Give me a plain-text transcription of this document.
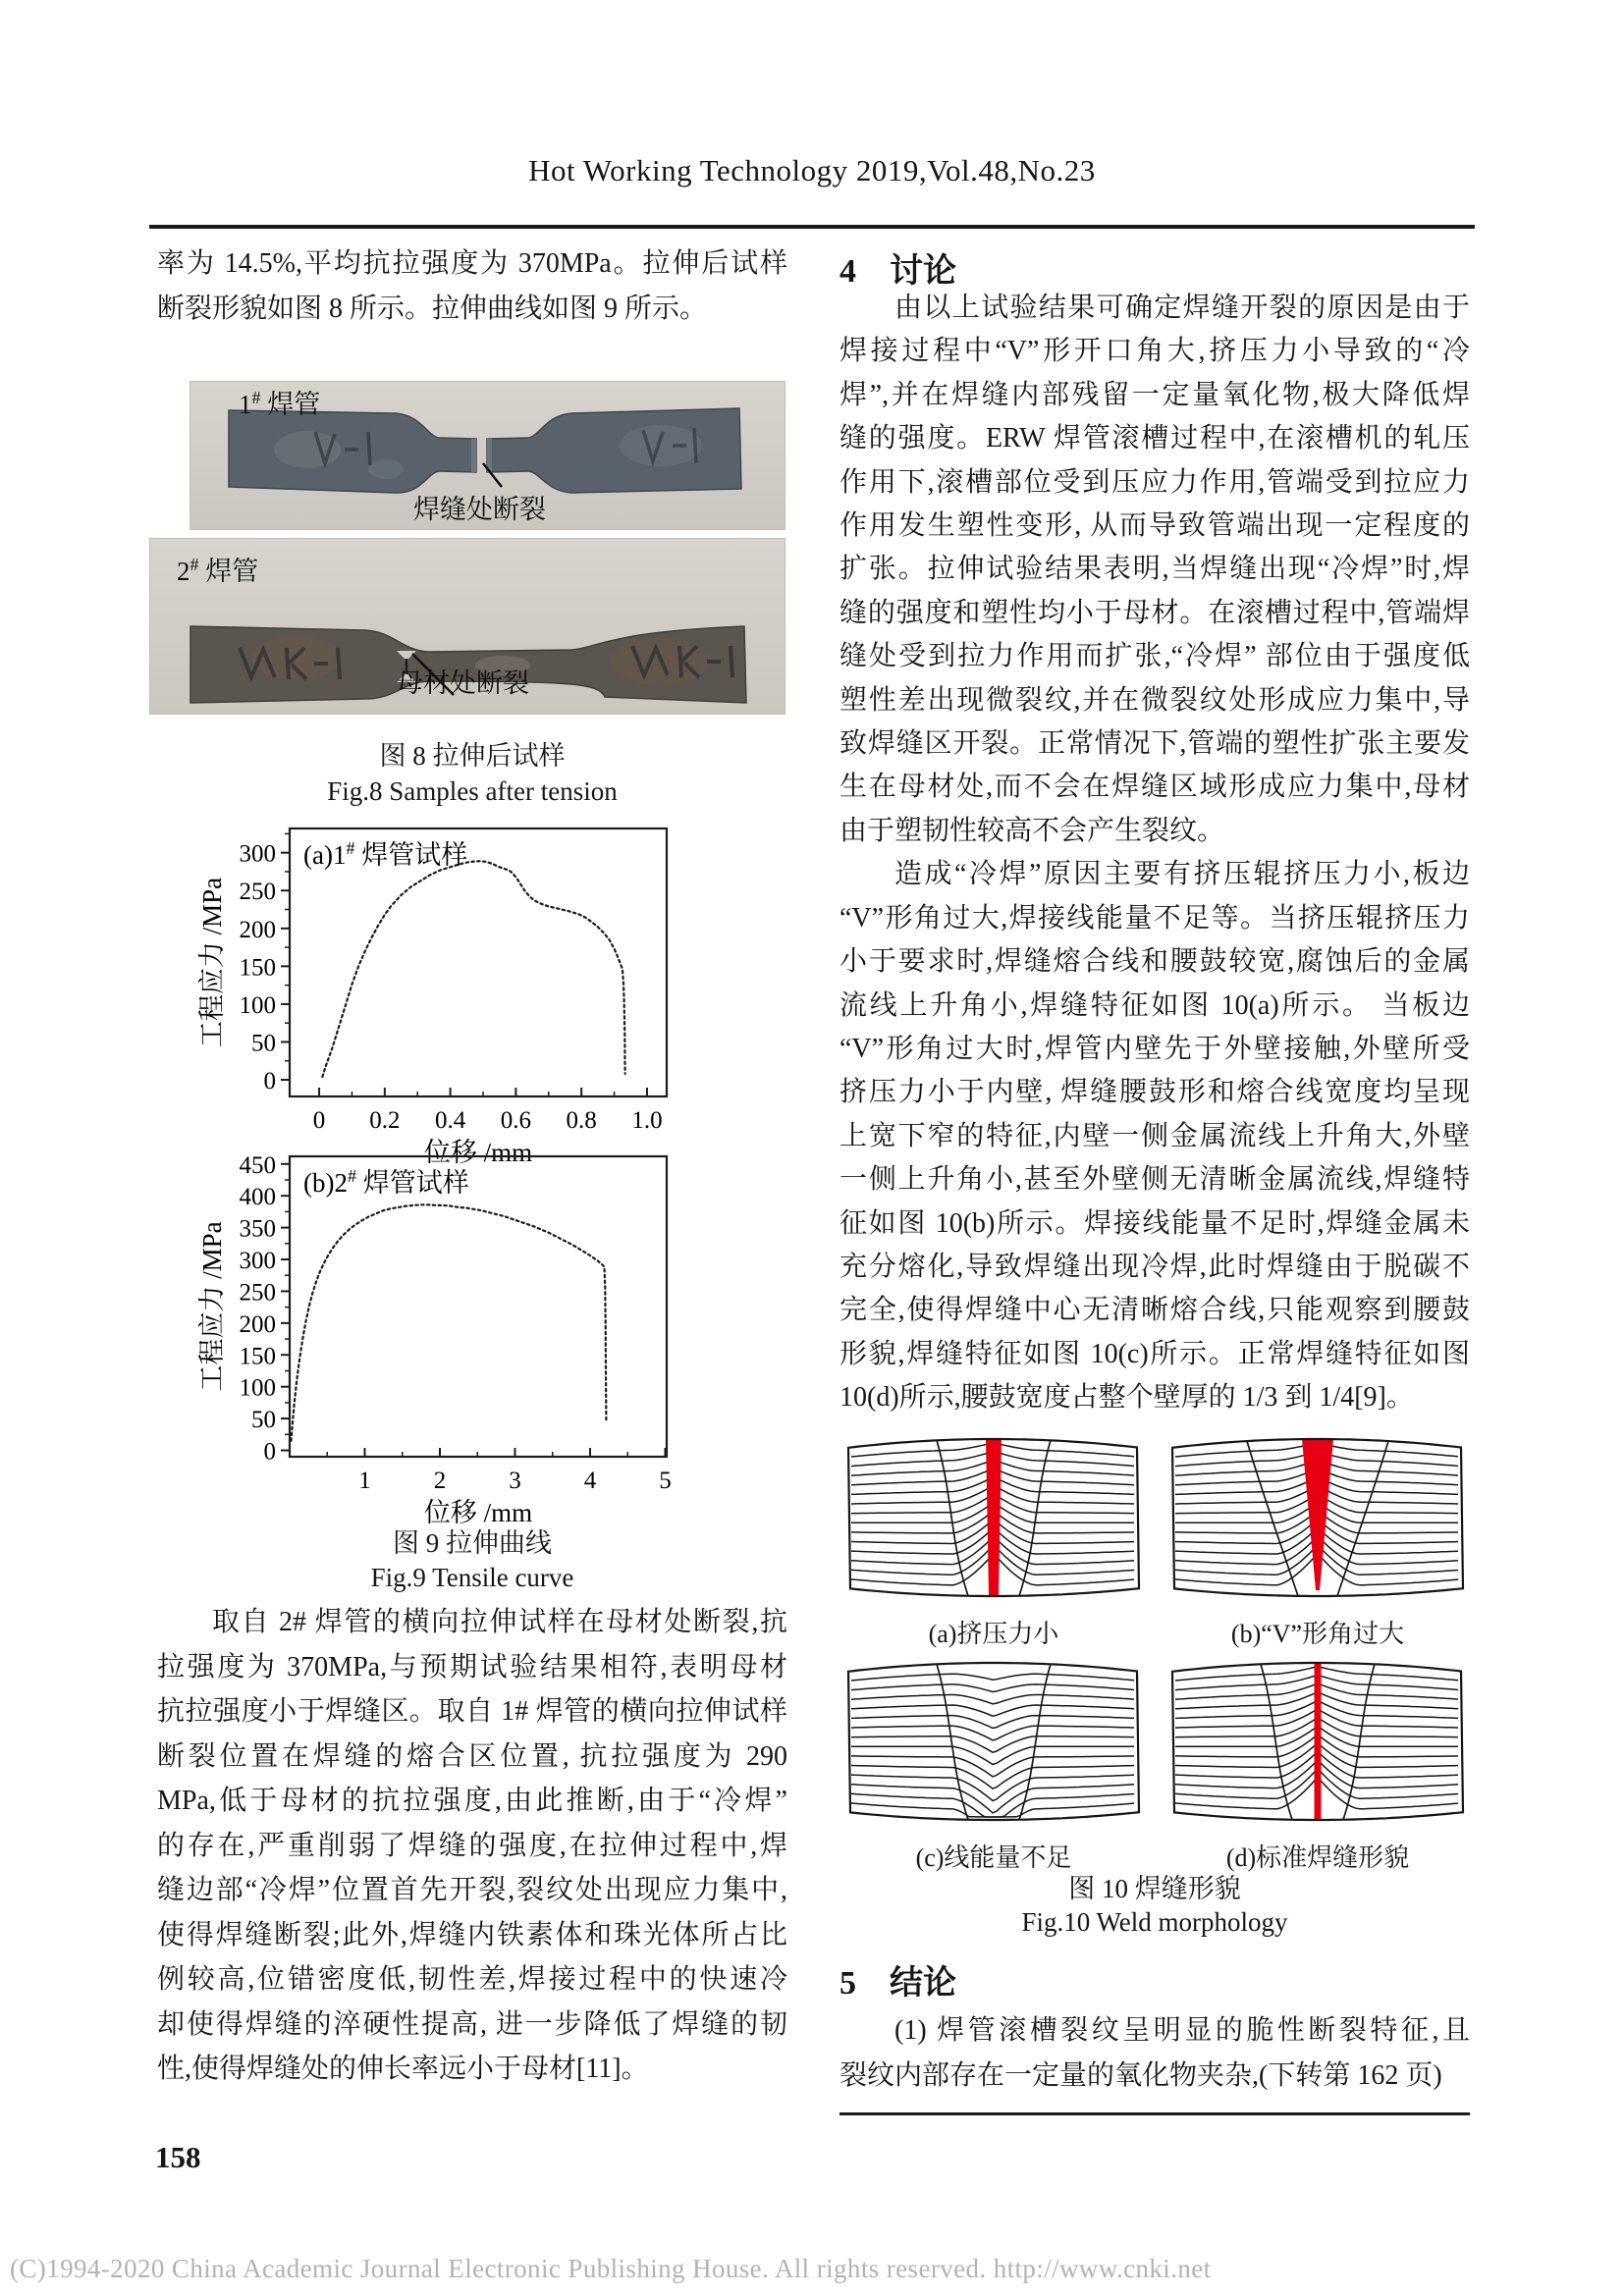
Hot Working Technology 2019,Vol.48,No.23
率为 14.5%,平均抗拉强度为 370MPa。拉伸后试样
断裂形貌如图 8 所示。拉伸曲线如图 9 所示。
1# 焊管
焊缝处断裂
2# 焊管
母材处断裂
图 8 拉伸后试样
Fig.8 Samples after tension
0
50
100
150
200
250
300
0 0.2 0.4 0.6 0.8 1.0
(a)1# 焊管试样
位移 /mm
工程应力 /MPa
0
50
100
150
200
250
300
350
400
450
1	2	3	4	5
(b)2# 焊管试样
位移 /mm
工程应力 /MPa
图 9 拉伸曲线
Fig.9 Tensile curve
取自 2# 焊管的横向拉伸试样在母材处断裂,抗
拉强度为 370MPa,与预期试验结果相符,表明母材
抗拉强度小于焊缝区。取自 1# 焊管的横向拉伸试样
断裂位置在焊缝的熔合区位置, 抗拉强度为 290
MPa,低于母材的抗拉强度,由此推断,由于“冷焊”
的存在,严重削弱了焊缝的强度,在拉伸过程中,焊
缝边部“冷焊”位置首先开裂,裂纹处出现应力集中,
使得焊缝断裂;此外,焊缝内铁素体和珠光体所占比
例较高,位错密度低,韧性差,焊接过程中的快速冷
却使得焊缝的淬硬性提高, 进一步降低了焊缝的韧
性,使得焊缝处的伸长率远小于母材[11]。
4 讨论
由以上试验结果可确定焊缝开裂的原因是由于
焊接过程中“V”形开口角大,挤压力小导致的“冷
焊”,并在焊缝内部残留一定量氧化物,极大降低焊
缝的强度。ERW 焊管滚槽过程中,在滚槽机的轧压
作用下,滚槽部位受到压应力作用,管端受到拉应力
作用发生塑性变形, 从而导致管端出现一定程度的
扩张。拉伸试验结果表明,当焊缝出现“冷焊”时,焊
缝的强度和塑性均小于母材。在滚槽过程中,管端焊
缝处受到拉力作用而扩张,“冷焊” 部位由于强度低
塑性差出现微裂纹,并在微裂纹处形成应力集中,导
致焊缝区开裂。正常情况下,管端的塑性扩张主要发
生在母材处,而不会在焊缝区域形成应力集中,母材
由于塑韧性较高不会产生裂纹。
造成“冷焊”原因主要有挤压辊挤压力小,板边
“V”形角过大,焊接线能量不足等。当挤压辊挤压力
小于要求时,焊缝熔合线和腰鼓较宽,腐蚀后的金属
流线上升角小,焊缝特征如图 10(a)所示。 当板边
“V”形角过大时,焊管内壁先于外壁接触,外壁所受
挤压力小于内壁, 焊缝腰鼓形和熔合线宽度均呈现
上宽下窄的特征,内壁一侧金属流线上升角大,外壁
一侧上升角小,甚至外壁侧无清晰金属流线,焊缝特
征如图 10(b)所示。焊接线能量不足时,焊缝金属未
充分熔化,导致焊缝出现冷焊,此时焊缝由于脱碳不
完全,使得焊缝中心无清晰熔合线,只能观察到腰鼓
形貌,焊缝特征如图 10(c)所示。正常焊缝特征如图
10(d)所示,腰鼓宽度占整个壁厚的 1/3 到 1/4[9]。
(a)挤压力小	(b)“V”形角过大
(c)线能量不足	(d)标准焊缝形貌
图 10 焊缝形貌
Fig.10 Weld morphology
5 结论
(1) 焊管滚槽裂纹呈明显的脆性断裂特征,且
裂纹内部存在一定量的氧化物夹杂,(下转第 162 页)
158
(C)1994-2020 China Academic Journal Electronic Publishing House. All rights reserved. http://www.cnki.net
